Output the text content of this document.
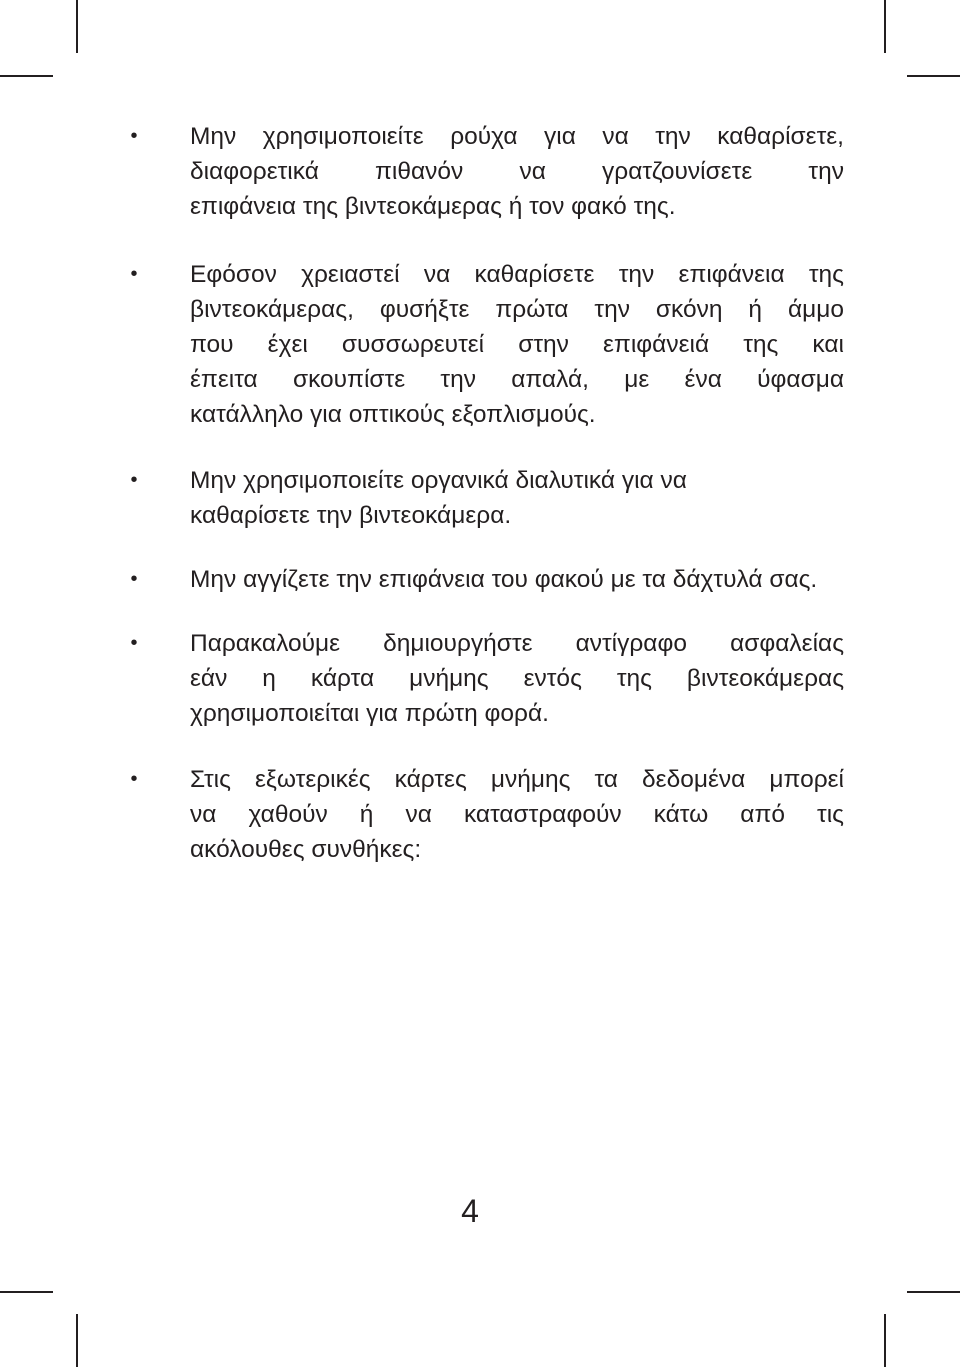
• Μην χρησιμοποιείτε ρούχα για να την καθαρίσετε,
διαφορετικά πιθανόν να γρατζουνίσετε την
επιφάνεια της βιντεοκάμερας ή τον φακό της.
• Εφόσον χρειαστεί να καθαρίσετε την επιφάνεια της
βιντεοκάμερας, φυσήξτε πρώτα την σκόνη ή άμμο
που έχει συσσωρευτεί στην επιφάνειά της και
έπειτα σκουπίστε την απαλά, με ένα ύφασμα
κατάλληλο για οπτικούς εξοπλισμούς.
• Μην χρησιμοποιείτε οργανικά διαλυτικά για να
καθαρίσετε την βιντεοκάμερα.
• Μην αγγίζετε την επιφάνεια του φακού με τα δάχτυλά σας.
• Παρακαλούμε δημιουργήστε αντίγραφο ασφαλείας
εάν η κάρτα μνήμης εντός της βιντεοκάμερας
χρησιμοποιείται για πρώτη φορά.
• Στις εξωτερικές κάρτες μνήμης τα δεδομένα μπορεί
να χαθούν ή να καταστραφούν κάτω από τις
ακόλουθες συνθήκες:
4
